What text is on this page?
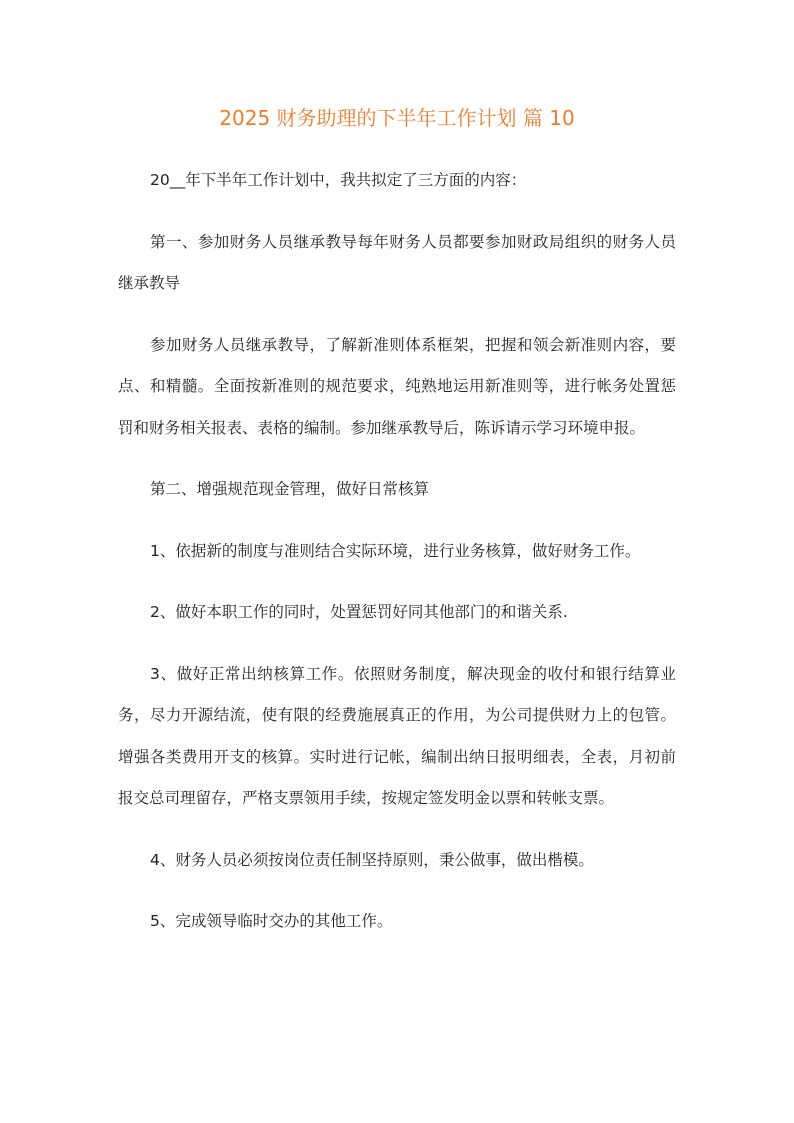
2025 财务助理的下半年工作计划 篇 10
20__年下半年工作计划中，我共拟定了三方面的内容：
第一、参加财务人员继承教导每年财务人员都要参加财政局组织的财务人员
继承教导
参加财务人员继承教导，了解新准则体系框架，把握和领会新准则内容，要
点、和精髓。全面按新准则的规范要求，纯熟地运用新准则等，进行帐务处置惩
罚和财务相关报表、表格的编制。参加继承教导后，陈诉请示学习环境申报。
第二、增强规范现金管理，做好日常核算
1、依据新的制度与准则结合实际环境，进行业务核算，做好财务工作。
2、做好本职工作的同时，处置惩罚好同其他部门的和谐关系.
3、做好正常出纳核算工作。依照财务制度，解决现金的收付和银行结算业
务，尽力开源结流，使有限的经费施展真正的作用，为公司提供财力上的包管。
增强各类费用开支的核算。实时进行记帐，编制出纳日报明细表，全表，月初前
报交总司理留存，严格支票领用手续，按规定签发明金以票和转帐支票。
4、财务人员必须按岗位责任制坚持原则，秉公做事，做出楷模。
5、完成领导临时交办的其他工作。
